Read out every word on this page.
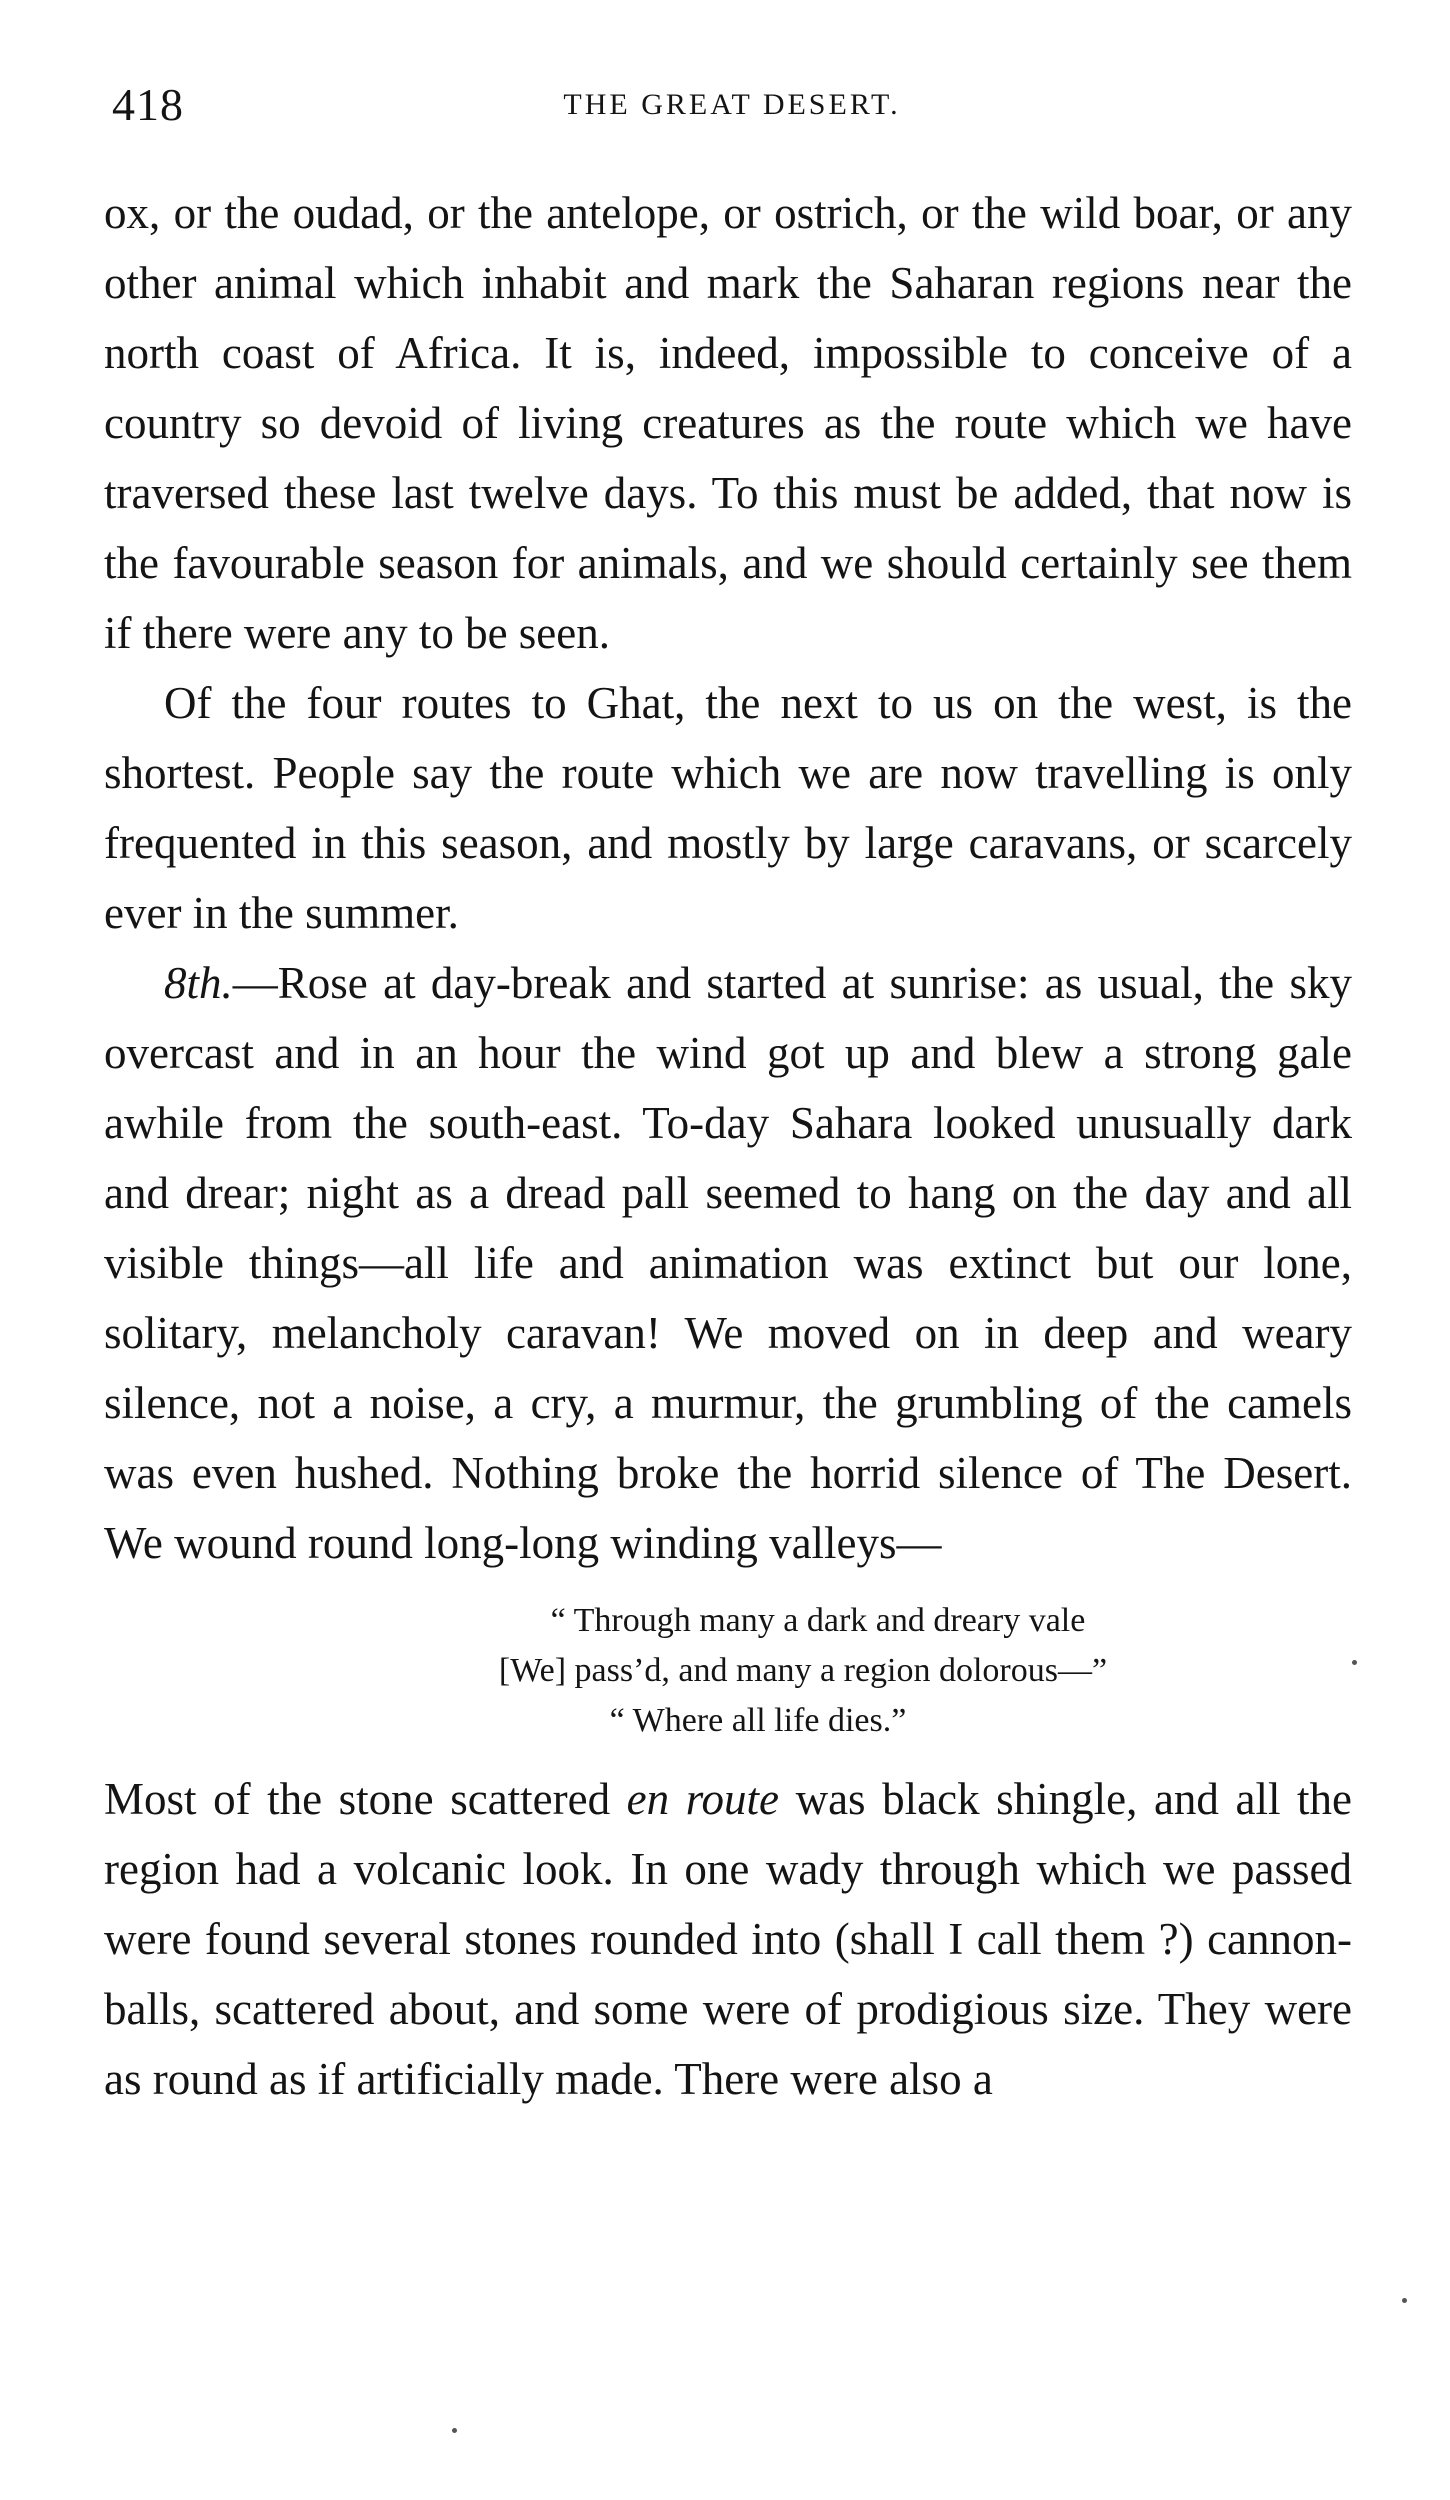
418	THE GREAT DESERT.

ox, or the oudad, or the antelope, or ostrich, or the wild boar, or any other animal which inhabit and mark the Saharan regions near the north coast of Africa. It is, indeed, impossible to conceive of a country so devoid of living creatures as the route which we have traversed these last twelve days. To this must be added, that now is the favourable season for animals, and we should certainly see them if there were any to be seen.

Of the four routes to Ghat, the next to us on the west, is the shortest. People say the route which we are now travelling is only frequented in this season, and mostly by large caravans, or scarcely ever in the summer.

8th.—Rose at day-break and started at sunrise: as usual, the sky overcast and in an hour the wind got up and blew a strong gale awhile from the south-east. To-day Sahara looked unusually dark and drear; night as a dread pall seemed to hang on the day and all visible things—all life and animation was extinct but our lone, solitary, melancholy caravan! We moved on in deep and weary silence, not a noise, a cry, a murmur, the grumbling of the camels was even hushed. Nothing broke the horrid silence of The Desert. We wound round long-long winding valleys—

“ Through many a dark and dreary vale
[We] pass’d, and many a region dolorous—”
“ Where all life dies.”

Most of the stone scattered en route was black shingle, and all the region had a volcanic look. In one wady through which we passed were found several stones rounded into (shall I call them ?) cannon-balls, scattered about, and some were of prodigious size. They were as round as if artificially made. There were also a
